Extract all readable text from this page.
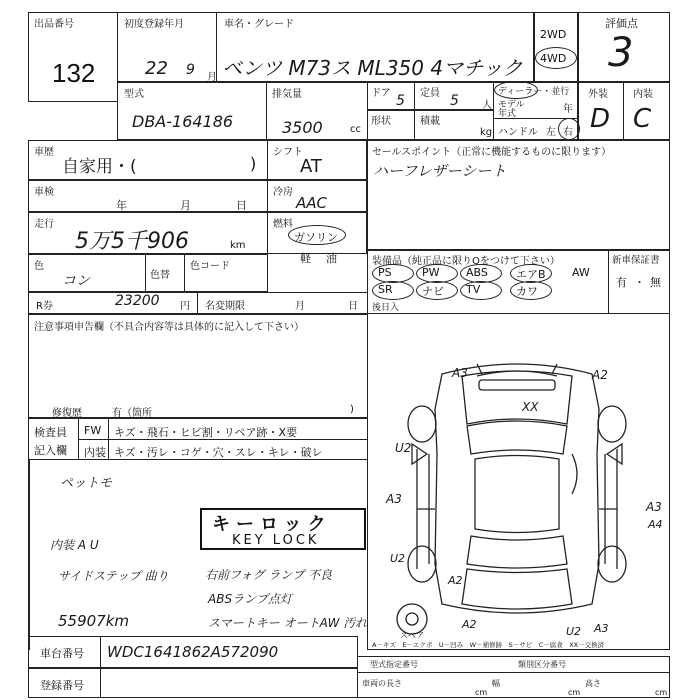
出品番号
132
初度登録年月
22 9 月
車名・グレード
ベンツ M73ス ML350 4マチック
2WD
4WD
評価点
3
型式
DBA-164186
排気量
3500	cc
ドア 5 定員 5 人
形状	積載
kg
ディーラー・並行
モデル
年式	年
ハンドル 左 右
外装
D
内装
C
車歴
自家用・(	)
シフト
AT
車検
年	月	日
冷房
AAC
走行
5万5千906	km
燃料
ガソリン
軽 油
色
コン	色替
色コード
セールスポイント（正常に機能するものに限ります）
ハーフレザーシート
装備品（純正品に限りOをつけて下さい）
PS	PW ABS	エアB AW
SR	ナビ TV	カワ
後日入
新車保証書
有 ・ 無
R券	23200 円 名変期限	月	日
注意事項申告欄（不具合内容等は具体的に記入して下さい）
修復歴	有（箇所	)
検査員
記入欄
FW キズ・飛石・ヒビ割・リペア跡・X要
内装 キズ・汚レ・コゲ・穴・スレ・キレ・破レ
ペットモ
内装 A U
サイドステップ 曲り	右前フォグ ランプ 不良
ABSランプ点灯
スマートキー オートAW 汚れ
55907km
キーロック
KEY LOCK
A3	A2
XX
U2
A3
A3
A4
U2
A2
A2	A3
U2
スペア
A－キズ　E－エクボ　U－凹み　W－補修跡　S－サビ　C－腐食　XX－交換済
車台番号 WDC1641862A572090
登録番号
型式指定番号	類別区分番号
車両の長さ
cm
幅
cm
高さ
cm
